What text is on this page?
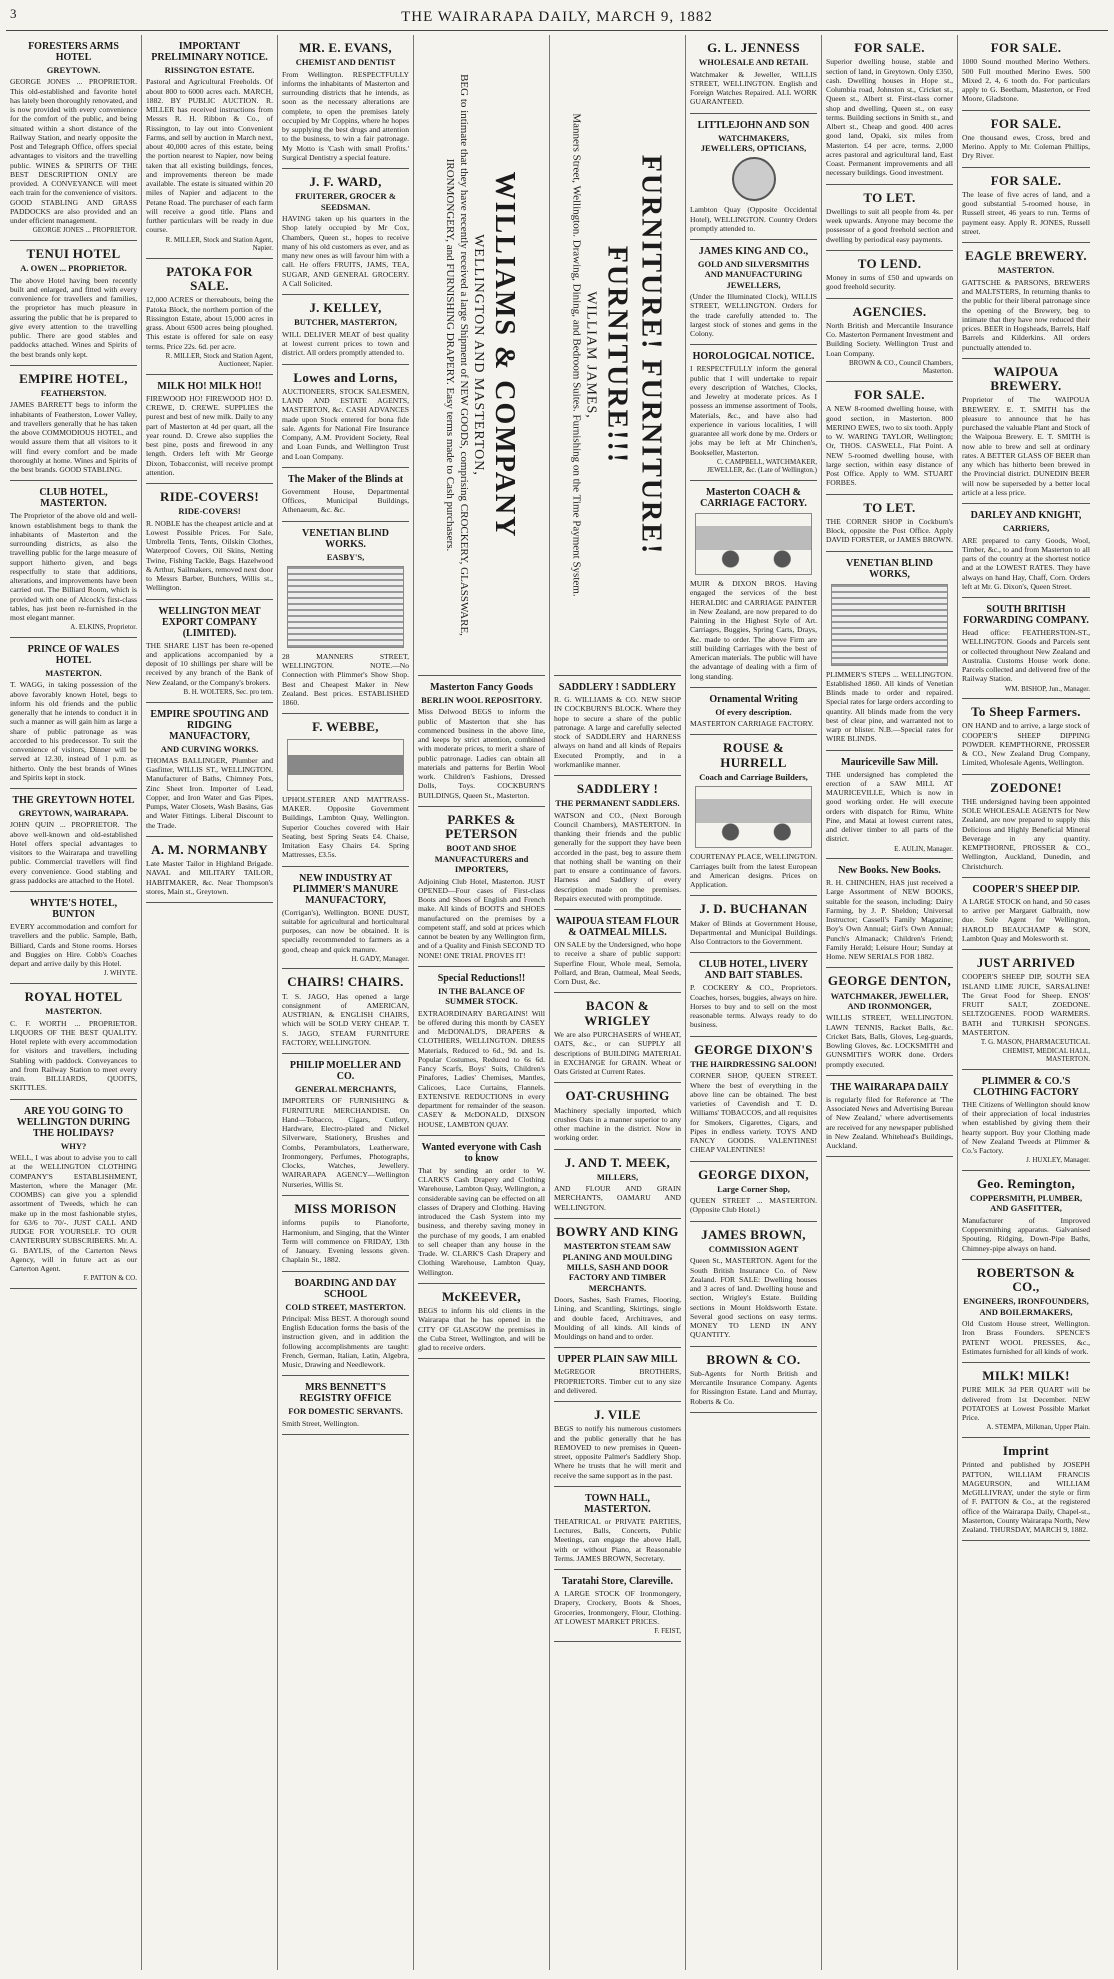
3	THE WAIRARAPA DAILY, MARCH 9, 1882
FORESTERS ARMS HOTEL
GREYTOWN.

GEORGE JONES ... PROPRIETOR. This old-established and favorite hotel has lately been thoroughly renovated, and is now provided with every convenience for the comfort of the public, and being situated within a short distance of the Railway Station, and nearly opposite the Post and Telegraph Office, offers special advantages to visitors and the travelling public. WINES & SPIRITS OF THE BEST DESCRIPTION ONLY are provided. A CONVEYANCE will meet each train for the convenience of visitors. GOOD STABLING AND GRASS PADDOCKS are also provided and an under efficient management.

GEORGE JONES ... PROPRIETOR.
TENUI HOTEL
A. OWEN ... PROPRIETOR.

The above Hotel having been recently built and enlarged, and fitted with every convenience for travellers and families, the proprietor has much pleasure in assuring the public that he is prepared to give every attention to the travelling public. There are good stables and paddocks attached. Wines and Spirits of the best brands only kept.

EMPIRE HOTEL,
FEATHERSTON.

JAMES BARRETT begs to inform the inhabitants of Featherston, Lower Valley, and travellers generally that he has taken the above COMMODIOUS HOTEL, and would assure them that all visitors to it will find every comfort and be made thoroughly at home. Wines and Spirits of the best brands. GOOD STABLING.

CLUB HOTEL, MASTERTON.

The Proprietor of the above old and well-known establishment begs to thank the inhabitants of Masterton and the surrounding districts, as also the travelling public for the large measure of support hitherto given, and begs respectfully to state that additions, alterations, and improvements have been carried out. The Billiard Room, which is provided with one of Alcock's first-class tables, has just been re-furnished in the most elegant manner.

A. ELKINS, Proprietor.
PRINCE OF WALES HOTEL
MASTERTON.

T. WAGG, in taking possession of the above favorably known Hotel, begs to inform his old friends and the public generally that he intends to conduct it in such a manner as will gain him as large a share of public patronage as was accorded to his predecessor. To suit the convenience of visitors, Dinner will be served at 12.30, instead of 1 p.m. as hitherto. Only the best brands of Wines and Spirits kept in stock.

THE GREYTOWN HOTEL
GREYTOWN, WAIRARAPA.

JOHN QUIN ... PROPRIETOR. The above well-known and old-established Hotel offers special advantages to visitors to the Wairarapa and travelling public. Commercial travellers will find every convenience. Good stabling and grass paddocks are attached to the Hotel.

WHYTE'S HOTEL, BUNTON

EVERY accommodation and comfort for travellers and the public. Sample, Bath, Billiard, Cards and Stone rooms. Horses and Buggies on Hire. Cobb's Coaches depart and arrive daily by this Hotel.

J. WHYTE.
ROYAL HOTEL
MASTERTON.

C. F. WORTH ... PROPRIETOR. LIQUORS OF THE BEST QUALITY. Hotel replete with every accommodation for visitors and travellers, including Stabling with paddock. Conveyances to and from Railway Station to meet every train. BILLIARDS, QUOITS, SKITTLES.

ARE YOU GOING TO WELLINGTON DURING THE HOLIDAYS?
WHY?

WELL, I was about to advise you to call at the WELLINGTON CLOTHING COMPANY'S ESTABLISHMENT, Masterton, where the Manager (Mr. COOMBS) can give you a splendid assortment of Tweeds, which he can make up in the most fashionable styles, for 63/6 to 70/-. JUST CALL AND JUDGE FOR YOURSELF. TO OUR CANTERBURY SUBSCRIBERS. Mr. A. G. BAYLIS, of the Carterton News Agency, will in future act as our Carterton Agent.

F. PATTON & CO.
IMPORTANT PRELIMINARY NOTICE.
RISSINGTON ESTATE.

Pastoral and Agricultural Freeholds. Of about 800 to 6000 acres each. MARCH, 1882. BY PUBLIC AUCTION. R. MILLER has received instructions from Messrs R. H. Ribbon & Co., of Rissington, to lay out into Convenient Farms, and sell by auction in March next, about 40,000 acres of this estate, being the portion nearest to Napier, now being taken that all existing buildings, fences, and improvements thereon be made available. The estate is situated within 20 miles of Napier and adjacent to the Petane Road. The purchaser of each farm will receive a good title. Plans and further particulars will be ready in due course.

R. MILLER, Stock and Station Agent, Napier.
PATOKA FOR SALE.

12,000 ACRES or thereabouts, being the Patoka Block, the northern portion of the Rissington Estate, about 15,000 acres in grass. About 6500 acres being ploughed. This estate is offered for sale on easy terms. Price 22s. 6d. per acre.

R. MILLER, Stock and Station Agent, Auctioneer, Napier.
MILK HO! MILK HO!!

FIREWOOD HO! FIREWOOD HO! D. CREWE, D. CREWE. SUPPLIES the purest and best of new milk. Daily to any part of Masterton at 4d per quart, all the year round. D. Crewe also supplies the best pine, posts and firewood in any length. Orders left with Mr George Dixon, Tobacconist, will receive prompt attention.

RIDE-COVERS!
RIDE-COVERS!

R. NOBLE has the cheapest article and at Lowest Possible Prices. For Sale, Umbrella Tents, Tents, Oilskin Clothes, Waterproof Covers, Oil Skins, Netting Twine, Fishing Tackle, Bags. Hazelwood & Arthur, Sailmakers, removed next door to Messrs Barber, Butchers, Willis st., Wellington.

WELLINGTON MEAT EXPORT COMPANY (LIMITED).

THE SHARE LIST has been re-opened and applications accompanied by a deposit of 10 shillings per share will be received by any branch of the Bank of New Zealand, or the Company's brokers.

B. H. WOLTERS, Sec. pro tem.
EMPIRE SPOUTING AND RIDGING MANUFACTORY,
AND CURVING WORKS.

THOMAS BALLINGER, Plumber and Gasfitter, WILLIS ST., WELLINGTON. Manufacturer of Baths, Chimney Pots, Zinc Sheet Iron. Importer of Lead, Copper, and Iron Water and Gas Pipes, Pumps, Water Closets, Wash Basins, Gas and Water Fittings. Liberal Discount to the Trade.

A. M. NORMANBY

Late Master Tailor in Highland Brigade. NAVAL and MILITARY TAILOR, HABITMAKER, &c. Near Thompson's stores, Main st., Greytown.

MR. E. EVANS,
CHEMIST AND DENTIST

From Wellington. RESPECTFULLY informs the inhabitants of Masterton and surrounding districts that he intends, as soon as the necessary alterations are complete, to open the premises lately occupied by Mr Coppins, where he hopes by supplying the best drugs and attention to the business, to win a fair patronage. My Motto is 'Cash with small Profits.' Surgical Dentistry a special feature.

J. F. WARD,
FRUITERER, GROCER & SEEDSMAN.

HAVING taken up his quarters in the Shop lately occupied by Mr Cox, Chambers, Queen st., hopes to receive many of his old customers as ever, and as many new ones as will favour him with a call. He offers FRUITS, JAMS, TEA, SUGAR, AND GENERAL GROCERY. A Call Solicited.

J. KELLEY,
BUTCHER, MASTERTON,

WILL DELIVER MEAT of best quality at lowest current prices to town and district. All orders promptly attended to.

Lowes and Lorns,

AUCTIONEERS, STOCK SALESMEN, LAND AND ESTATE AGENTS, MASTERTON, &c. CASH ADVANCES made upon Stock entered for bona fide sale. Agents for National Fire Insurance Company, A.M. Provident Society, Real and Loan Funds, and Wellington Trust and Loan Company.

The Maker of the Blinds at

Government House, Departmental Offices, Municipal Buildings, Athenaeum, &c. &c.

VENETIAN BLIND WORKS.
EASBY'S,

28 MANNERS STREET, WELLINGTON. NOTE.—No Connection with Plimmer's Show Shop. Best and Cheapest Maker in New Zealand. Best prices. ESTABLISHED 1860.

F. WEBBE,

UPHOLSTERER AND MATTRASS-MAKER. Opposite Government Buildings, Lambton Quay, Wellington. Superior Couches covered with Hair Seating, best Spring Seats £4. Chaise, Imitation Easy Chairs £4. Spring Mattresses, £3.5s.

NEW INDUSTRY AT PLIMMER'S MANURE MANUFACTORY,

(Corrigan's), Wellington. BONE DUST, suitable for agricultural and horticultural purposes, can now be obtained. It is specially recommended to farmers as a good, cheap and quick manure.

H. GADY, Manager.
CHAIRS! CHAIRS.

T. S. JAGO, Has opened a large consignment of AMERICAN, AUSTRIAN, & ENGLISH CHAIRS, which will be SOLD VERY CHEAP. T. S. JAGO, STEAM FURNITURE FACTORY, WELLINGTON.

PHILIP MOELLER AND CO.
GENERAL MERCHANTS,

IMPORTERS OF FURNISHING & FURNITURE MERCHANDISE. On Hand—Tobacco, Cigars, Cutlery, Hardware, Electro-plated and Nickel Silverware, Stationery, Brushes and Combs, Perambulators, Leatherware, Ironmongery, Perfumes, Photographs, Clocks, Watches, Jewellery. WAIRARAPA AGENCY—Wellington Nurseries, Willis St.

MISS MORISON

informs pupils to Pianoforte, Harmonium, and Singing, that the Winter Term will commence on FRIDAY, 13th of January. Evening lessons given. Chaplain St., 1882.

BOARDING AND DAY SCHOOL
COLD STREET, MASTERTON.

Principal: Miss BEST. A thorough sound English Education forms the basis of the instruction given, and in addition the following accomplishments are taught: French, German, Italian, Latin, Algebra, Music, Drawing and Needlework.

MRS BENNETT'S REGISTRY OFFICE
FOR DOMESTIC SERVANTS.

Smith Street, Wellington.

WILLIAMS & COMPANY
WELLINGTON AND MASTERTON,
BEG to intimate that they have recently received a large Shipment of NEW GOODS, comprising CROCKERY, GLASSWARE, IRONMONGERY, and FURNISHING DRAPERY. Easy terms made to Cash purchasers.
Masterton Fancy Goods
BERLIN WOOL REPOSITORY.

Miss Delwood BEGS to inform the public of Masterton that she has commenced business in the above line, and keeps by strict attention, combined with moderate prices, to merit a share of public patronage. Ladies can obtain all materials and patterns for Berlin Wool work. Children's Fashions, Dressed Dolls, Toys. COCKBURN'S BUILDINGS, Queen St., Masterton.

PARKES & PETERSON
BOOT AND SHOE MANUFACTURERS and IMPORTERS,

Adjoining Club Hotel, Masterton. JUST OPENED—Four cases of First-class Boots and Shoes of English and French make. All kinds of BOOTS and SHOES manufactured on the premises by a competent staff, and sold at prices which cannot be beaten by any Wellington firm, and of a Quality and Finish SECOND TO NONE! ONE TRIAL PROVES IT!

Special Reductions!!
IN THE BALANCE OF SUMMER STOCK.

EXTRAORDINARY BARGAINS! Will be offered during this month by CASEY and McDONALD'S, DRAPERS & CLOTHIERS, WELLINGTON. DRESS Materials, Reduced to 6d., 9d. and 1s. Popular Costumes, Reduced to 6s 6d. Fancy Scarfs, Boys' Suits, Children's Pinafores, Ladies' Chemises, Mantles, Calicoes, Lace Curtains, Flannels. EXTENSIVE REDUCTIONS in every department for remainder of the season. CASEY & McDONALD, DIXSON HOUSE, LAMBTON QUAY.

Wanted everyone with Cash to know

That by sending an order to W. CLARK'S Cash Drapery and Clothing Warehouse, Lambton Quay, Wellington, a considerable saving can be effected on all classes of Drapery and Clothing. Having introduced the Cash System into my business, and thereby saving money in the purchase of my goods, I am enabled to sell cheaper than any house in the Trade. W. CLARK'S Cash Drapery and Clothing Warehouse, Lambton Quay, Wellington.

McKEEVER,

BEGS to inform his old clients in the Wairarapa that he has opened in the CITY OF GLASGOW the premises in the Cuba Street, Wellington, and will be glad to receive orders.

FURNITURE! FURNITURE! FURNITURE!!!
WILLIAM JAMES,
Manners Street, Wellington. Drawing, Dining, and Bedroom Suites. Furnishing on the Time Payment System.
SADDLERY ! SADDLERY

R. G. WILLIAMS & CO. NEW SHOP IN COCKBURN'S BLOCK. Where they hope to secure a share of the public patronage. A large and carefully selected stock of SADDLERY and HARNESS always on hand and all kinds of Repairs Executed Promptly, and in a workmanlike manner.

SADDLERY !
THE PERMANENT SADDLERS.

WATSON and CO., (Next Borough Council Chambers), MASTERTON. In thanking their friends and the public generally for the support they have been accorded in the past, beg to assure them that nothing shall be wanting on their part to ensure a continuance of favors. Harness and Saddlery of every description made on the premises. Repairs executed with promptitude.

WAIPOUA STEAM FLOUR & OATMEAL MILLS.

ON SALE by the Undersigned, who hope to receive a share of public support: Superfine Flour, Whole meal, Semola, Pollard, and Bran, Oatmeal, Meal Seeds, Corn Dust, &c.

BACON & WRIGLEY

We are also PURCHASERS of WHEAT, OATS, &c., or can SUPPLY all descriptions of BUILDING MATERIAL in EXCHANGE for GRAIN. Wheat or Oats Gristed at Current Rates.

OAT-CRUSHING

Machinery specially imported, which crushes Oats in a manner superior to any other machine in the district. Now in working order.

J. AND T. MEEK,
MILLERS,

AND FLOUR AND GRAIN MERCHANTS, OAMARU AND WELLINGTON.

BOWRY AND KING
MASTERTON STEAM SAW PLANING AND MOULDING MILLS, SASH AND DOOR FACTORY AND TIMBER MERCHANTS.

Doors, Sashes, Sash Frames, Flooring, Lining, and Scantling, Skirtings, single and double faced, Architraves, and Moulding of all kinds. All kinds of Mouldings on hand and to order.

UPPER PLAIN SAW MILL

McGREGOR BROTHERS, PROPRIETORS. Timber cut to any size and delivered.

J. VILE

BEGS to notify his numerous customers and the public generally that he has REMOVED to new premises in Queen-street, opposite Palmer's Saddlery Shop. Where he trusts that he will merit and receive the same support as in the past.

TOWN HALL, MASTERTON.

THEATRICAL or PRIVATE PARTIES, Lectures, Balls, Concerts, Public Meetings, can engage the above Hall, with or without Piano, at Reasonable Terms. JAMES BROWN, Secretary.

Taratahi Store, Clareville.

A LARGE STOCK OF Ironmongery, Drapery, Crockery, Boots & Shoes, Groceries, Ironmongery, Flour, Clothing. AT LOWEST MARKET PRICES.

F. FEIST,
G. L. JENNESS
WHOLESALE AND RETAIL

Watchmaker & Jeweller, WILLIS STREET, WELLINGTON. English and Foreign Watches Repaired. ALL WORK GUARANTEED.

LITTLEJOHN AND SON
WATCHMAKERS, JEWELLERS, OPTICIANS,

Lambton Quay (Opposite Occidental Hotel), WELLINGTON. Country Orders promptly attended to.

JAMES KING AND CO.,
GOLD AND SILVERSMITHS AND MANUFACTURING JEWELLERS,

(Under the Illuminated Clock), WILLIS STREET, WELLINGTON. Orders for the trade carefully attended to. The largest stock of stones and gems in the Colony.

HOROLOGICAL NOTICE.

I RESPECTFULLY inform the general public that I will undertake to repair every description of Watches, Clocks, and Jewelry at moderate prices. As I possess an immense assortment of Tools, Materials, &c., and have also had experience in various localities, I will guarantee all work done by me. Orders or jobs may be left at Mr Chinchen's, Bookseller, Masterton.

C. CAMPBELL, WATCHMAKER, JEWELLER, &c. (Late of Wellington.)
Masterton COACH & CARRIAGE FACTORY.

MUIR & DIXON BROS. Having engaged the services of the best HERALDIC and CARRIAGE PAINTER in New Zealand, are now prepared to do Painting in the Highest Style of Art. Carriages, Buggies, Spring Carts, Drays, &c. made to order. The above Firm are still building Carriages with the best of American materials. The public will have the advantage of dealing with a firm of long standing.

Ornamental Writing
Of every description.

MASTERTON CARRIAGE FACTORY.

ROUSE & HURRELL
Coach and Carriage Builders,

COURTENAY PLACE, WELLINGTON. Carriages built from the latest European and American designs. Prices on Application.

J. D. BUCHANAN

Maker of Blinds at Government House, Departmental and Municipal Buildings. Also Contractors to the Government.

CLUB HOTEL, LIVERY AND BAIT STABLES.

P. COCKERY & CO., Proprietors. Coaches, horses, buggies, always on hire. Horses to buy and to sell on the most reasonable terms. Always ready to do business.

GEORGE DIXON'S
THE HAIRDRESSING SALOON!

CORNER SHOP, QUEEN STREET. Where the best of everything in the above line can be obtained. The best varieties of Cavendish and T. D. Williams' TOBACCOS, and all requisites for Smokers, Cigarettes, Cigars, and Pipes in endless variety. TOYS AND FANCY GOODS. VALENTINES! CHEAP VALENTINES!

GEORGE DIXON,
Large Corner Shop,

QUEEN STREET ... MASTERTON. (Opposite Club Hotel.)

JAMES BROWN,
COMMISSION AGENT

Queen St., MASTERTON. Agent for the South British Insurance Co. of New Zealand. FOR SALE: Dwelling houses and 3 acres of land. Dwelling house and section, Wrigley's Estate. Building sections in Mount Holdsworth Estate. Several good sections on easy terms. MONEY TO LEND IN ANY QUANTITY.

BROWN & CO.

Sub-Agents for North British and Mercantile Insurance Company. Agents for Rissington Estate. Land and Murray, Roberts & Co.

FOR SALE.

Superior dwelling house, stable and section of land, in Greytown. Only £350, cash. Dwelling houses in Hope st., Columbia road, Johnston st., Cricket st., Queen st., Albert st. First-class corner shop and dwelling, Queen st., on easy terms. Building sections in Smith st., and Albert st., Cheap and good. 400 acres good land, Opaki, six miles from Masterton. £4 per acre, terms. 2,000 acres pastoral and agricultural land, East Coast. Permanent improvements and all necessary buildings. Good investment.

TO LET.

Dwellings to suit all people from 4s. per week upwards. Anyone may become the possessor of a good freehold section and dwelling by periodical easy payments.

TO LEND.

Money in sums of £50 and upwards on good freehold security.

AGENCIES.

North British and Mercantile Insurance Co. Masterton Permanent Investment and Building Society. Wellington Trust and Loan Company.

BROWN & CO., Council Chambers, Masterton.
FOR SALE.

A NEW 8-roomed dwelling house, with good section, in Masterton. 800 MERINO EWES, two to six tooth. Apply to W. WARING TAYLOR, Wellington; Or, THOS. CASWELL, Flat Point. A NEW 5-roomed dwelling house, with large section, within easy distance of Post Office. Apply to WM. STUART FORBES.

TO LET.

THE CORNER SHOP in Cockburn's Block, opposite the Post Office. Apply DAVID FORSTER, or JAMES BROWN.

VENETIAN BLIND WORKS,

PLIMMER'S STEPS ... WELLINGTON. Established 1860. All kinds of Venetian Blinds made to order and repaired. Special rates for large orders according to quantity. All blinds made from the very best of clear pine, and warranted not to warp or blister. N.B.—Special rates for WIRE BLINDS.

Mauriceville Saw Mill.

THE undersigned has completed the erection of a SAW MILL AT MAURICEVILLE, Which is now in good working order. He will execute orders with dispatch for Rimu, White Pine, and Matai at lowest current rates, and deliver timber to all parts of the district.

E. AULIN, Manager.
New Books. New Books.

R. H. CHINCHEN, HAS just received a Large Assortment of NEW BOOKS, suitable for the season, including: Dairy Farming, by J. P. Sheldon; Universal Instructor; Cassell's Family Magazine; Boy's Own Annual; Girl's Own Annual; Punch's Almanack; Children's Friend; Family Herald; Leisure Hour; Sunday at Home. NEW SERIALS FOR 1882.

GEORGE DENTON,
WATCHMAKER, JEWELLER, AND IRONMONGER,

WILLIS STREET, WELLINGTON. LAWN TENNIS, Racket Balls, &c. Cricket Bats, Balls, Gloves, Leg-guards, Bowling Gloves, &c. LOCKSMITH and GUNSMITH'S WORK done. Orders promptly executed.

THE WAIRARAPA DAILY

is regularly filed for Reference at 'The Associated News and Advertising Bureau of New Zealand,' where advertisements are received for any newspaper published in New Zealand. Whitehead's Buildings, Auckland.

FOR SALE.

1000 Sound mouthed Merino Wethers. 500 Full mouthed Merino Ewes. 500 Mixed 2, 4, 6 tooth do. For particulars apply to G. Beetham, Masterton, or Fred Moore, Gladstone.

FOR SALE.

One thousand ewes, Cross, bred and Merino. Apply to Mr. Coleman Phillips, Dry River.

FOR SALE.

The lease of five acres of land, and a good substantial 5-roomed house, in Russell street, 46 years to run. Terms of payment easy. Apply R. JONES, Russell street.

EAGLE BREWERY.
MASTERTON.

GATTSCHE & PARSONS, BREWERS and MALTSTERS, In returning thanks to the public for their liberal patronage since the opening of the Brewery, beg to intimate that they have now reduced their prices. BEER in Hogsheads, Barrels, Half Barrels and Kilderkins. All orders punctually attended to.

WAIPOUA BREWERY.

Proprietor of The WAIPOUA BREWERY. E. T. SMITH has the pleasure to announce that he has purchased the valuable Plant and Stock of the Waipoua Brewery. E. T. SMITH is now able to brew and sell at ordinary rates. A BETTER GLASS OF BEER than any which has hitherto been brewed in the Provincial district. DUNEDIN BEER will now be superseded by a better local article at a less price.

DARLEY AND KNIGHT,
CARRIERS,

ARE prepared to carry Goods, Wool, Timber, &c., to and from Masterton to all parts of the country at the shortest notice and at the LOWEST RATES. They have always on hand Hay, Chaff, Corn. Orders left at Mr. G. Dixon's, Queen Street.

SOUTH BRITISH FORWARDING COMPANY.

Head office: FEATHERSTON-ST., WELLINGTON. Goods and Parcels sent or collected throughout New Zealand and Australia. Customs House work done. Parcels collected and delivered free of the Railway Station.

WM. BISHOP, Jun., Manager.
To Sheep Farmers.

ON HAND and to arrive, a large stock of COOPER'S SHEEP DIPPING POWDER. KEMPTHORNE, PROSSER & CO., New Zealand Drug Company, Limited, Wholesale Agents, Wellington.

ZOEDONE!

THE undersigned having been appointed SOLE WHOLESALE AGENTS for New Zealand, are now prepared to supply this Delicious and Highly Beneficial Mineral Beverage in any quantity. KEMPTHORNE, PROSSER & CO., Wellington, Auckland, Dunedin, and Christchurch.

COOPER'S SHEEP DIP.

A LARGE STOCK on hand, and 50 cases to arrive per Margaret Galbraith, now due. Sole Agent for Wellington, HAROLD BEAUCHAMP & SON, Lambton Quay and Molesworth st.

JUST ARRIVED

COOPER'S SHEEP DIP, SOUTH SEA ISLAND LIME JUICE, SARSALINE! The Great Food for Sheep. ENOS' FRUIT SALT, ZOEDONE. SELTZOGENES. FOOD WARMERS. BATH and TURKISH SPONGES. MASTERTON.

T. G. MASON, PHARMACEUTICAL CHEMIST, MEDICAL HALL, MASTERTON.
PLIMMER & CO.'S CLOTHING FACTORY

THE Citizens of Wellington should know of their appreciation of local industries when established by giving them their hearty support. Buy your Clothing made of New Zealand Tweeds at Plimmer & Co.'s Factory.

J. HUXLEY, Manager.
Geo. Remington,
COPPERSMITH, PLUMBER, AND GASFITTER,

Manufacturer of Improved Coppersmithing apparatus. Galvanised Spouting, Ridging, Down-Pipe Baths, Chimney-pipe always on hand.

ROBERTSON & CO.,
ENGINEERS, IRONFOUNDERS, AND BOILERMAKERS,

Old Custom House street, Wellington. Iron Brass Founders. SPENCE'S PATENT WOOL PRESSES, &c., Estimates furnished for all kinds of work.

MILK! MILK!

PURE MILK 3d PER QUART will be delivered from 1st December. NEW POTATOES at Lowest Possible Market Price.

A. STEMPA, Milkman, Upper Plain.
Imprint

Printed and published by JOSEPH PATTON, WILLIAM FRANCIS MAGEURSON, and WILLIAM McGILLIVRAY, under the style or firm of F. PATTON & Co., at the registered office of the Wairarapa Daily, Chapel-st., Masterton, County Wairarapa North, New Zealand. THURSDAY, MARCH 9, 1882.
